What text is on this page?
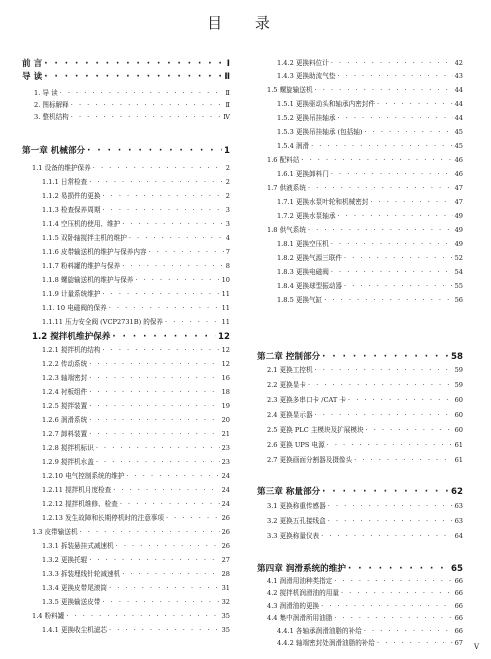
目 录
前 言 · · ·	Ⅰ
导 读 · · ·	Ⅱ
1. 导 读 · · ·	Ⅱ
2. 图标解释 · · ·	Ⅱ
3. 整机结构 · · ·	Ⅳ
第一章 机械部分 · · ·	1
1.1 设备的维护保养 · · ·	2
1.1.1 日常检查 · · ·	2
1.1.2 易损件的更换 · · ·	2
1.1.3 检查保养周期 · · ·	3
1.1.4 空压机的使用、维护 · · ·	3
1.1.5 双卧轴搅拌主机的维护 · · ·	4
1.1.6 皮带输送机的维护与保养内容 · · ·	7
1.1.7 粉料罐的维护与保养 · · ·	8
1.1.8 螺旋输送机的维护与保养 · · ·	10
1.1.9 计量系统维护 · · ·	11
1.1. 10 电磁阀的保养 · · ·	11
1.1.11 压力安全阀 (VCP2731B) 的保养 · · ·	11
1.2 搅拌机维护保养 · · ·	12
1.2.1 搅拌机的结构 · · ·	12
1.2.2 传动系统 · · ·	12
1.2.3 轴端密封 · · ·	16
1.2.4 衬板组件 · · ·	18
1.2.5 搅拌装置 · · ·	19
1.2.6 润滑系统 · · ·	20
1.2.7 卸料装置 · · ·	21
1.2.8 搅拌机标识 · · ·	23
1.2.9 搅拌机水盖 · · ·	23
1.2.10 电气控制系统的维护 · · ·	24
1.2.11 搅拌机月度检查 · · ·	24
1.2.12 搅拌机维修、检查 · · ·	24
1.2.13 发生故障和长期停机时的注意事项 · · ·	26
1.3 皮带输送机 · · ·	26
1.3.1 拆装悬挂式减速机 · · ·	26
1.3.2 更换托辊 · · ·	27
1.3.3 拆装埋线针轮减速机 · · ·	28
1.3.4 更换皮带尾滚筒 · · ·	31
1.3.5 更换输送皮带 · · ·	32
1.4 粉料罐 · · ·	35
1.4.1 更换收尘机滤芯 · · ·	35
1.4.2 更换料位计 · · ·	42
1.4.3 更换助流气垫 · · ·	43
1.5 螺旋输送机 · · ·	44
1.5.1 更换驱动头和轴承内密封件 · · ·	44
1.5.2 更换吊挂轴承 · · ·	44
1.5.3 更换吊挂轴承 (包括轴) · · ·	45
1.5.4 润滑 · · ·	45
1.6 配料站 · · ·	46
1.6.1 更换卸料门 · · ·	46
1.7 供液系统 · · ·	47
1.7.1 更换水泵叶轮和机械密封 · · ·	47
1.7.2 更换水泵轴承 · · ·	49
1.8 供气系统 · · ·	49
1.8.1 更换空压机 · · ·	49
1.8.2 更换气源三联件 · · ·	52
1.8.3 更换电磁阀 · · ·	54
1.8.4 更换球型振动器 · · ·	55
1.8.5 更换气缸 · · ·	56
第二章 控制部分 · · ·	58
2.1 更换工控机 · · ·	59
2.2 更换显卡 · · ·	59
2.3 更换多串口卡 /CAT 卡 · · ·	60
2.4 更换显示器 · · ·	60
2.5 更换 PLC 主模块及扩展模块 · · ·	60
2.6 更换 UPS 电源 · · ·	61
2.7 更换画面分割器及摄像头 · · ·	61
第三章 称量部分 · · ·	62
3.1 更换称重传感器 · · ·	63
3.2 更换五孔接线盒 · · ·	63
3.3 更换称量仪表 · · ·	64
第四章 润滑系统的维护 · · ·	65
4.1 润滑用油种类指定 · · ·	66
4.2 搅拌机润滑油的用量 · · ·	66
4.3 润滑油的更换 · · ·	66
4.4 集中润滑所用油脂 · · ·	66
4.4.1 各轴承润滑油脂的补给 · · ·	66
4.4.2 轴端密封处润滑油脂的补给 · · ·	67 V
